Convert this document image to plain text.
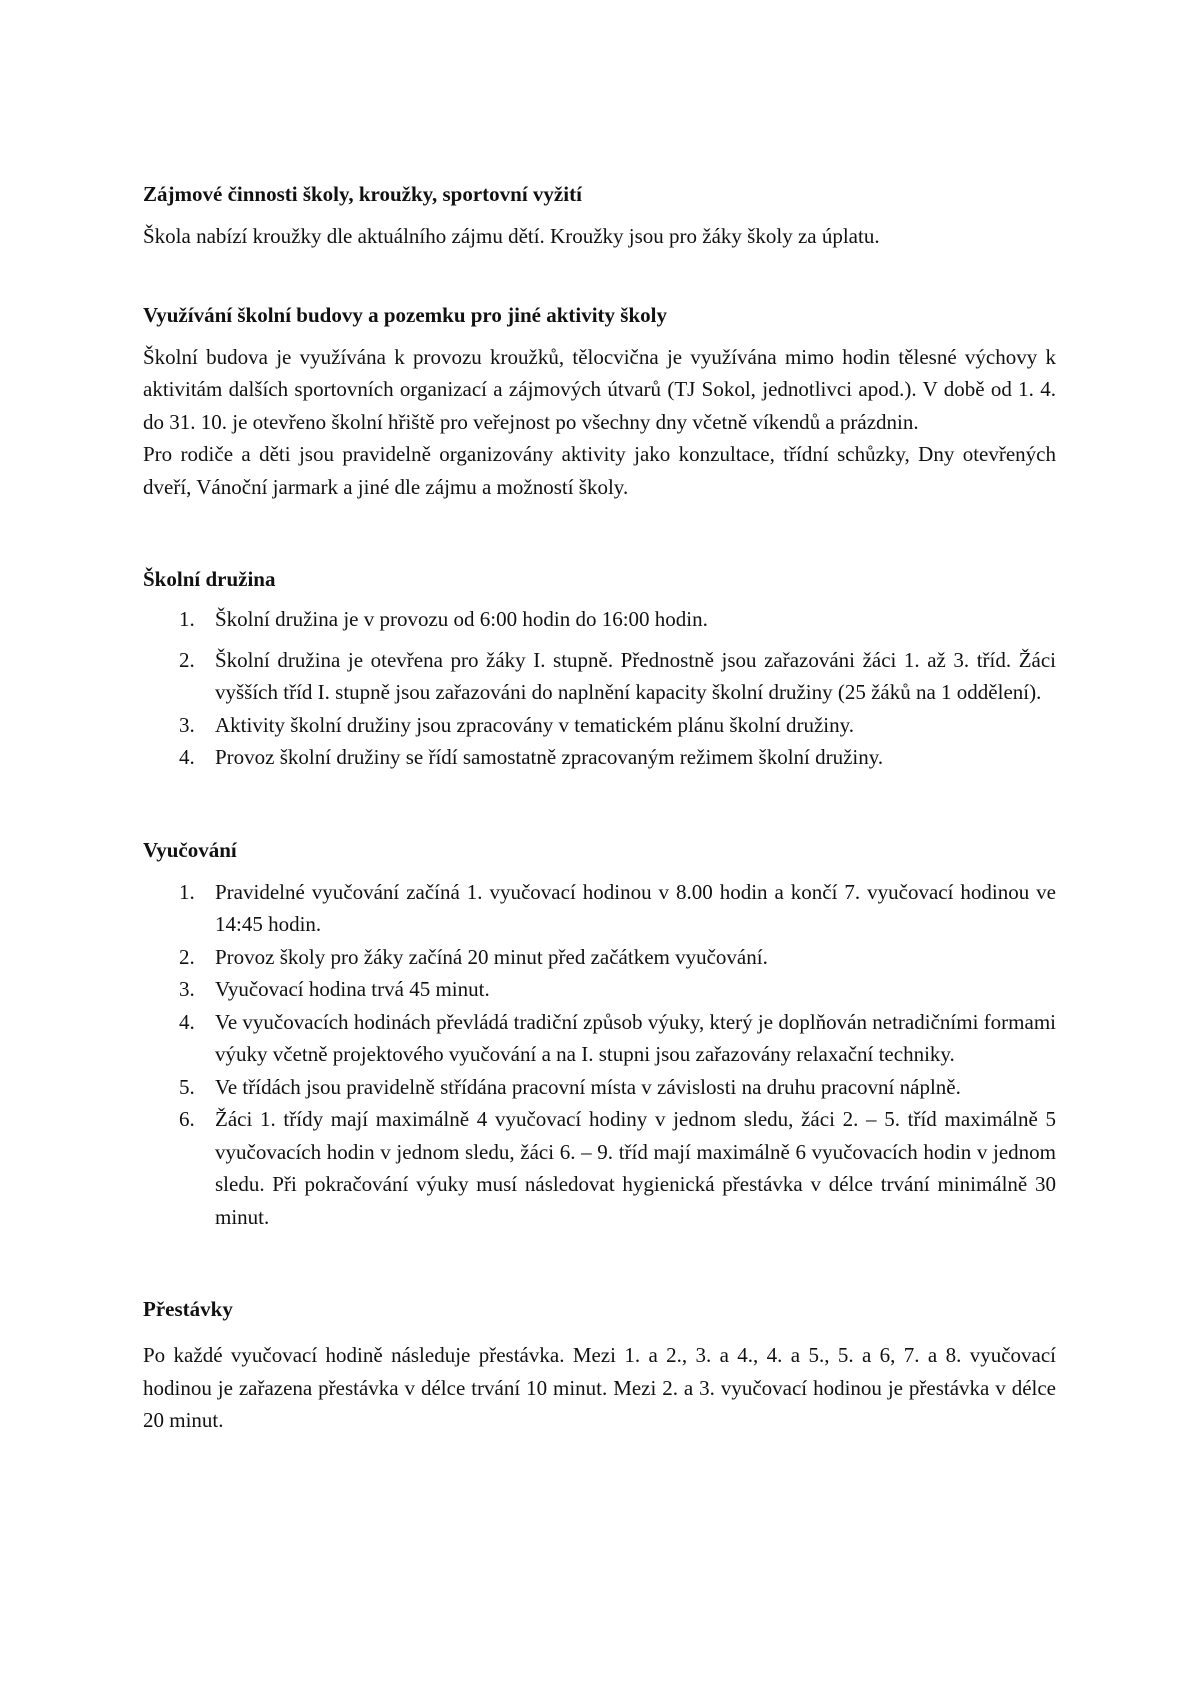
Zájmové činnosti školy, kroužky, sportovní vyžití

Škola nabízí kroužky dle aktuálního zájmu dětí. Kroužky jsou pro žáky školy za úplatu.

Využívání školní budovy a pozemku pro jiné aktivity školy

Školní budova je využívána k provozu kroužků, tělocvična je využívána mimo hodin tělesné výchovy k aktivitám dalších sportovních organizací a zájmových útvarů (TJ Sokol, jednotlivci apod.). V době od 1. 4. do 31. 10. je otevřeno školní hřiště pro veřejnost po všechny dny včetně víkendů a prázdnin.

Pro rodiče a děti jsou pravidelně organizovány aktivity jako konzultace, třídní schůzky, Dny otevřených dveří, Vánoční jarmark a jiné dle zájmu a možností školy.

Školní družina
1. Školní družina je v provozu od 6:00 hodin do 16:00 hodin.
2. Školní družina je otevřena pro žáky I. stupně. Přednostně jsou zařazováni žáci 1. až 3. tříd. Žáci vyšších tříd I. stupně jsou zařazováni do naplnění kapacity školní družiny (25 žáků na 1 oddělení).
3. Aktivity školní družiny jsou zpracovány v tematickém plánu školní družiny.
4. Provoz školní družiny se řídí samostatně zpracovaným režimem školní družiny.
Vyučování
1. Pravidelné vyučování začíná 1. vyučovací hodinou v 8.00 hodin a končí 7. vyučovací hodinou ve 14:45 hodin.
2. Provoz školy pro žáky začíná 20 minut před začátkem vyučování.
3. Vyučovací hodina trvá 45 minut.
4. Ve vyučovacích hodinách převládá tradiční způsob výuky, který je doplňován netradičními formami výuky včetně projektového vyučování a na I. stupni jsou zařazovány relaxační techniky.
5. Ve třídách jsou pravidelně střídána pracovní místa v závislosti na druhu pracovní náplně.
6. Žáci 1. třídy mají maximálně 4 vyučovací hodiny v jednom sledu, žáci 2. – 5. tříd maximálně 5 vyučovacích hodin v jednom sledu, žáci 6. – 9. tříd mají maximálně 6 vyučovacích hodin v jednom sledu. Při pokračování výuky musí následovat hygienická přestávka v délce trvání minimálně 30 minut.
Přestávky

Po každé vyučovací hodině následuje přestávka. Mezi 1. a 2., 3. a 4., 4. a 5., 5. a 6, 7. a 8. vyučovací hodinou je zařazena přestávka v délce trvání 10 minut. Mezi 2. a 3. vyučovací hodinou je přestávka v délce 20 minut.
